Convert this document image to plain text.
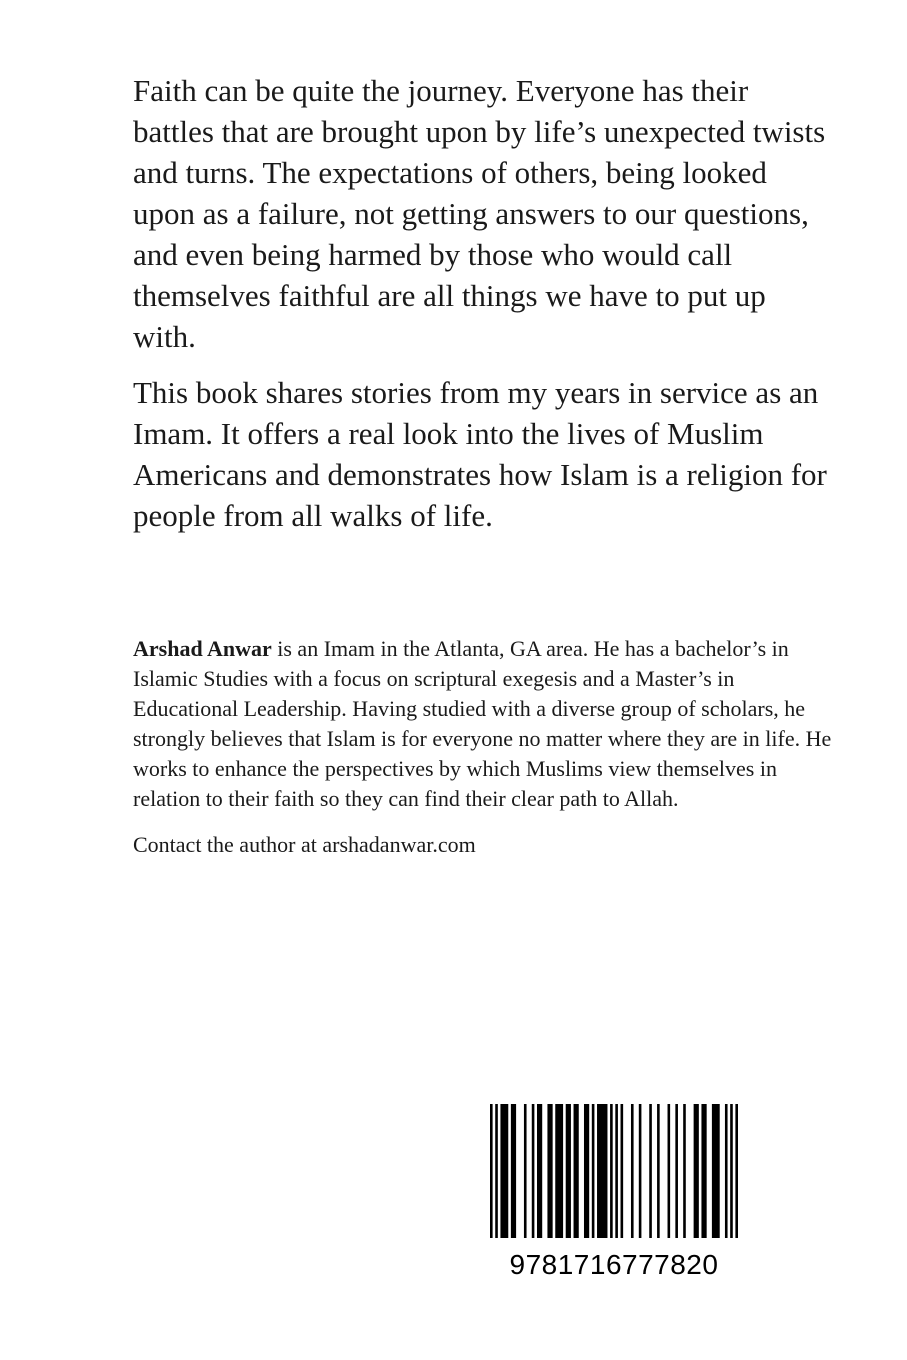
Faith can be quite the journey. Everyone has their battles that are brought upon by life’s unexpected twists and turns. The expectations of others, being looked upon as a failure, not getting answers to our questions, and even being harmed by those who would call themselves faithful are all things we have to put up with.

This book shares stories from my years in service as an Imam. It offers a real look into the lives of Muslim Americans and demonstrates how Islam is a religion for people from all walks of life.

Arshad Anwar is an Imam in the Atlanta, GA area. He has a bachelor’s in Islamic Studies with a focus on scriptural exegesis and a Master’s in Educational Leadership. Having studied with a diverse group of scholars, he strongly believes that Islam is for everyone no matter where they are in life. He works to enhance the perspectives by which Muslims view themselves in relation to their faith so they can find their clear path to Allah.

Contact the author at arshadanwar.com

9781716777820
